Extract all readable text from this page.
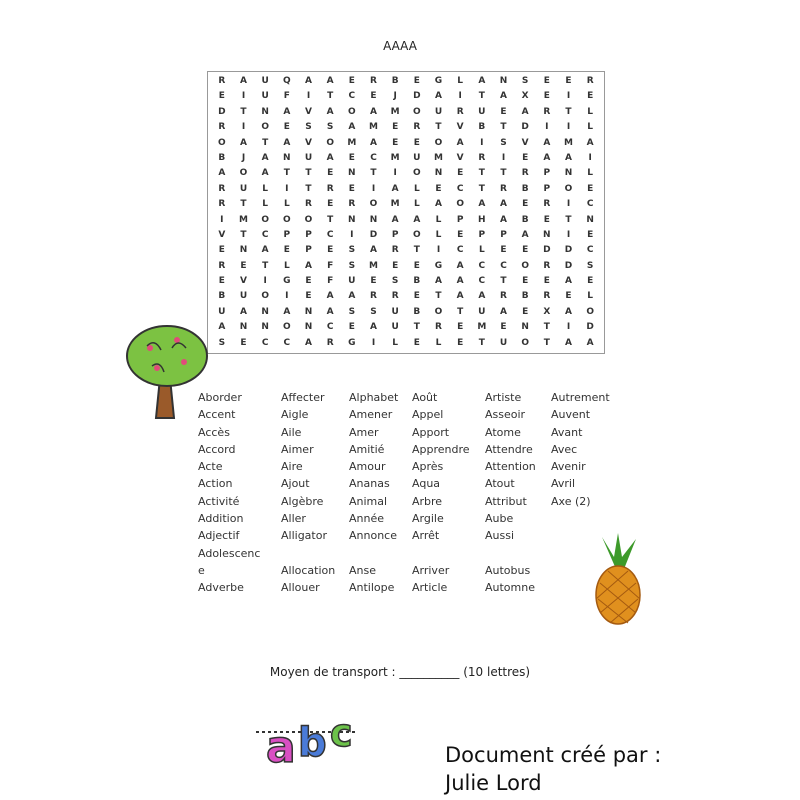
AAAA
R	A	U	Q	A	A	E	R	B	E	G	L	A	N	S	E	E	R
E	I	U	F	I	T	C	E	J	D	A	I	T	A	X	E	I	E
D	T	N	A	V	A	O	A	M	O	U	R	U	E	A	R	T	L
R	I	O	E	S	S	A	M	E	R	T	V	B	T	D	I	I	L
O	A	T	A	V	O	M	A	E	E	O	A	I	S	V	A	M	A
B	J	A	N	U	A	E	C	M	U	M	V	R	I	E	A	A	I
A	O	A	T	T	E	N	T	I	O	N	E	T	T	R	P	N	L
R	U	L	I	T	R	E	I	A	L	E	C	T	R	B	P	O	E
R	T	L	L	R	E	R	O	M	L	A	O	A	A	E	R	I	C
I	M	O	O	O	T	N	N	A	A	L	P	H	A	B	E	T	N
V	T	C	P	P	C	I	D	P	O	L	E	P	P	A	N	I	E
E	N	A	E	P	E	S	A	R	T	I	C	L	E	E	D	D	C
R	E	T	L	A	F	S	M	E	E	G	A	C	C	O	R	D	S
E	V	I	G	E	F	U	E	S	B	A	A	C	T	E	E	A	E
B	U	O	I	E	A	A	R	R	E	T	A	A	R	B	R	E	L
U	A	N	A	N	A	S	S	U	B	O	T	U	A	E	X	A	O
A	N	N	O	N	C	E	A	U	T	R	E	M	E	N	T	I	D
S	E	C	C	A	R	G	I	L	E	L	E	T	U	O	T	A	A
Aborder
Accent
Accès
Accord
Acte
Action
Activité
Addition
Adjectif
Adolescenc
e
Adverbe
Affecter
Aigle
Aile
Aimer
Aire
Ajout
Algèbre
Aller
Alligator
Allocation
Allouer
Alphabet
Amener
Amer
Amitié
Amour
Ananas
Animal
Année
Annonce
Anse
Antilope
Août
Appel
Apport
Apprendre
Après
Aqua
Arbre
Argile
Arrêt
Arriver
Article
Artiste
Asseoir
Atome
Attendre
Attention
Atout
Attribut
Aube
Aussi
Autobus
Automne
Autrement
Auvent
Avant
Avec
Avenir
Avril
Axe (2)
Moyen de transport : __________ (10 lettres)
a b c	Document créé par :
Julie Lord
